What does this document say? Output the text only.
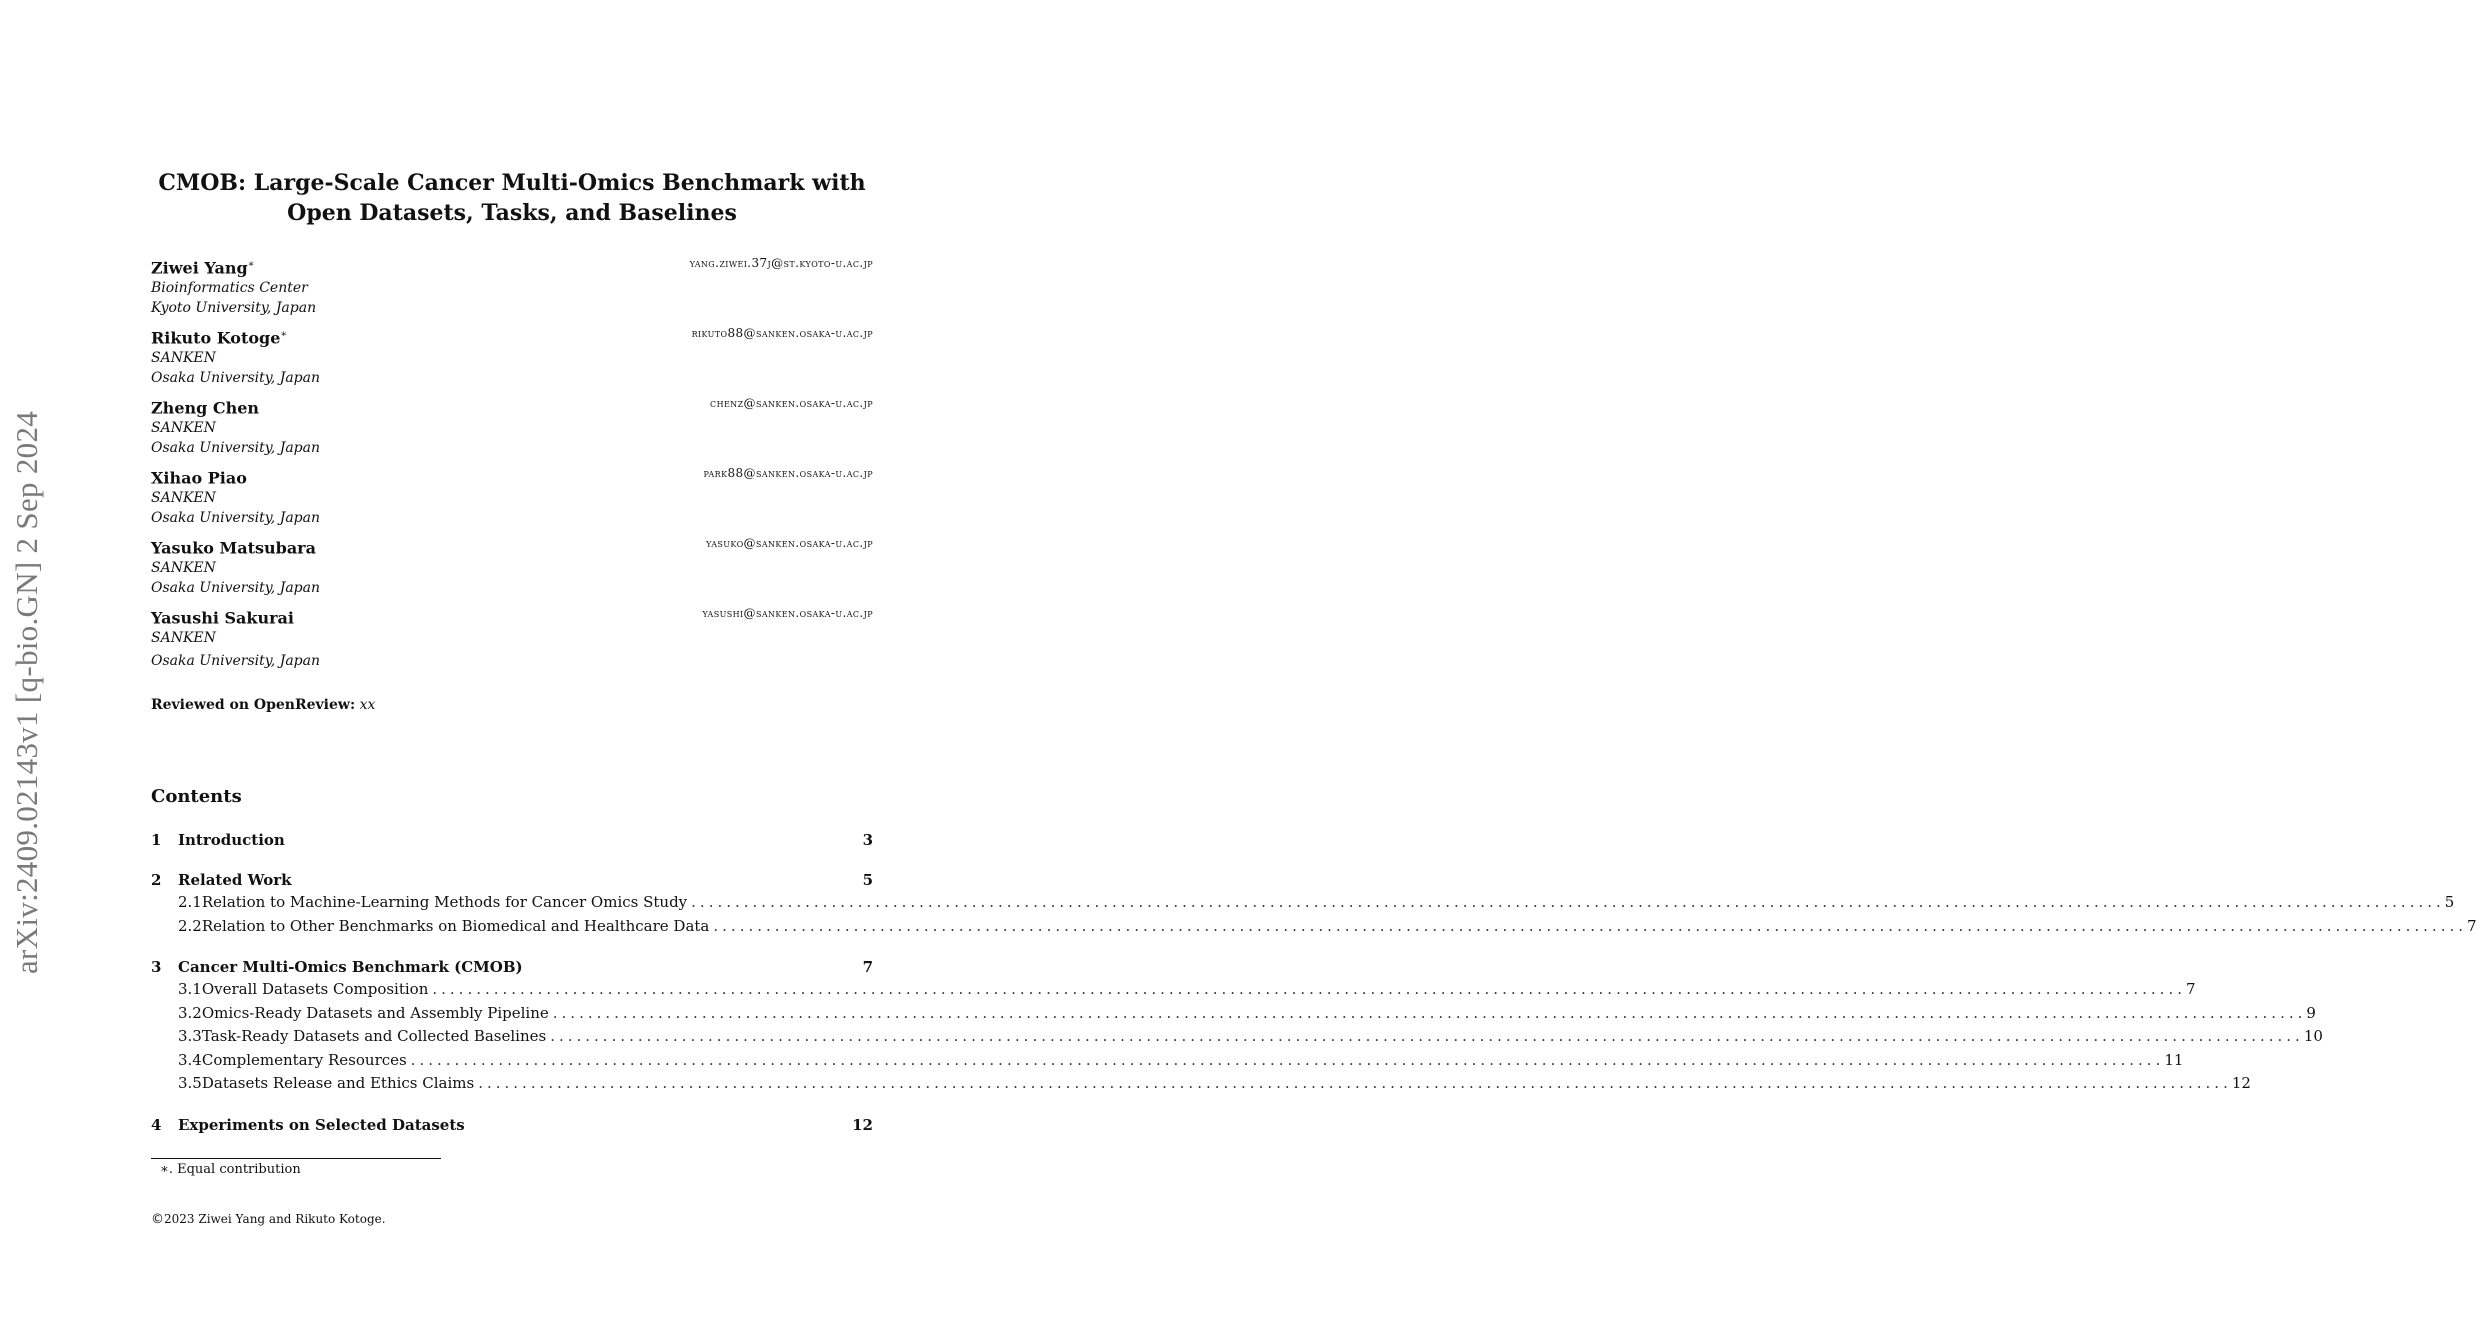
arXiv:2409.02143v1 [q-bio.GN] 2 Sep 2024
CMOB: Large-Scale Cancer Multi-Omics Benchmark with
Open Datasets, Tasks, and Baselines
Ziwei Yang∗	yang.ziwei.37j@st.kyoto-u.ac.jp
Bioinformatics Center
Kyoto University, Japan
Rikuto Kotoge∗	rikuto88@sanken.osaka-u.ac.jp
SANKEN
Osaka University, Japan
Zheng Chen	chenz@sanken.osaka-u.ac.jp
SANKEN
Osaka University, Japan
Xihao Piao	park88@sanken.osaka-u.ac.jp
SANKEN
Osaka University, Japan
Yasuko Matsubara	yasuko@sanken.osaka-u.ac.jp
SANKEN
Osaka University, Japan
Yasushi Sakurai	yasushi@sanken.osaka-u.ac.jp
SANKEN
Osaka University, Japan
Reviewed on OpenReview: xx
Contents
1	Introduction	3
2	Related Work	5
2.1 Relation to Machine-Learning Methods for Cancer Omics Study ........................................................................................................................................................................................................ 5
2.2 Relation to Other Benchmarks on Biomedical and Healthcare Data ........................................................................................................................................................................................................ 7
3	Cancer Multi-Omics Benchmark (CMOB)	7
3.1 Overall Datasets Composition ........................................................................................................................................................................................................ 7
3.2 Omics-Ready Datasets and Assembly Pipeline ........................................................................................................................................................................................................ 9
3.3 Task-Ready Datasets and Collected Baselines ........................................................................................................................................................................................................ 10
3.4 Complementary Resources ........................................................................................................................................................................................................ 11
3.5 Datasets Release and Ethics Claims ........................................................................................................................................................................................................ 12
4	Experiments on Selected Datasets	12
∗. Equal contribution
©2023 Ziwei Yang and Rikuto Kotoge.
